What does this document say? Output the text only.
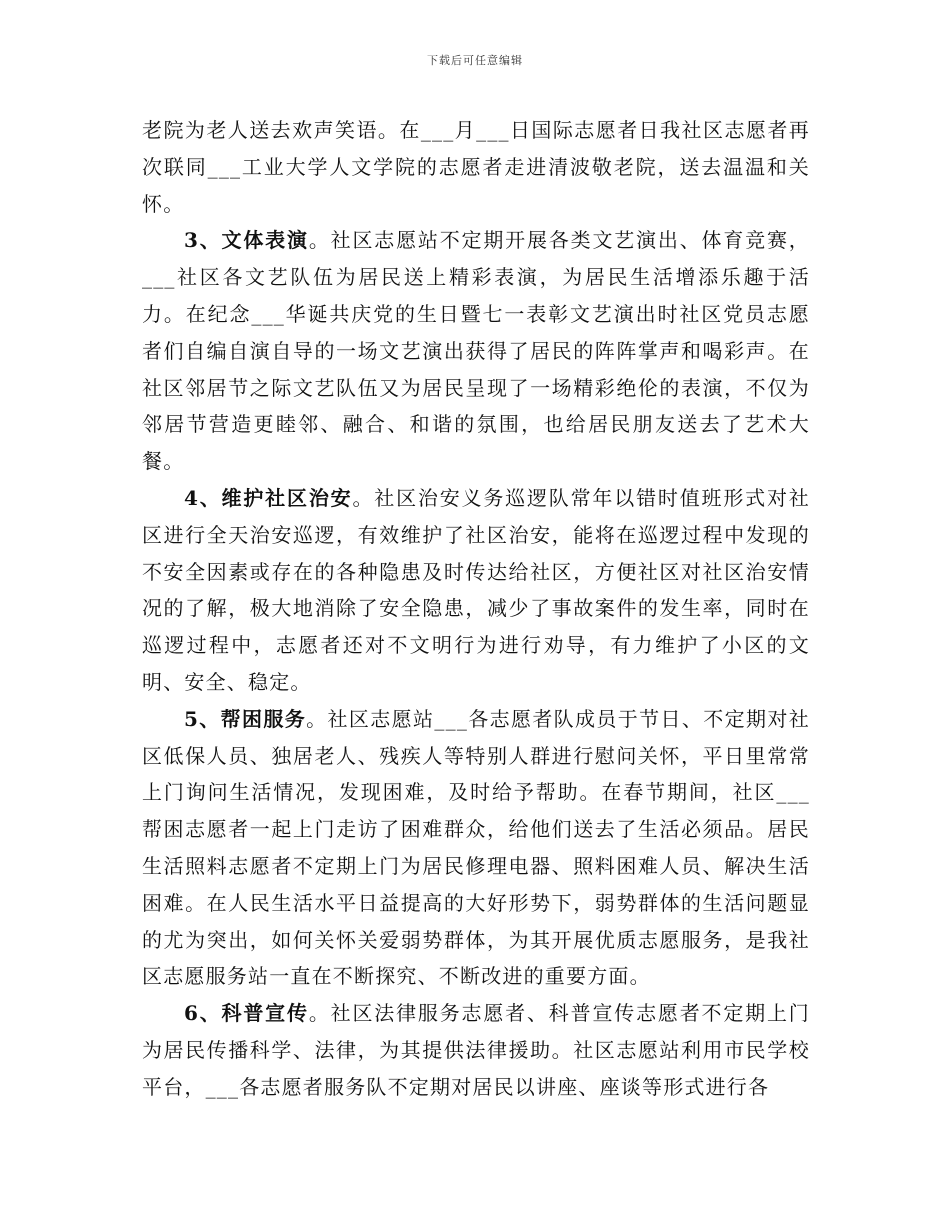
下载后可任意编辑

老院为老人送去欢声笑语。在___月___日国际志愿者日我社区志愿者再次联同___工业大学人文学院的志愿者走进清波敬老院，送去温温和关怀。

3、文体表演。社区志愿站不定期开展各类文艺演出、体育竞赛，___社区各文艺队伍为居民送上精彩表演，为居民生活增添乐趣于活力。在纪念___华诞共庆党的生日暨七一表彰文艺演出时社区党员志愿者们自编自演自导的一场文艺演出获得了居民的阵阵掌声和喝彩声。在社区邻居节之际文艺队伍又为居民呈现了一场精彩绝伦的表演，不仅为邻居节营造更睦邻、融合、和谐的氛围，也给居民朋友送去了艺术大餐。

4、维护社区治安。社区治安义务巡逻队常年以错时值班形式对社区进行全天治安巡逻，有效维护了社区治安，能将在巡逻过程中发现的不安全因素或存在的各种隐患及时传达给社区，方便社区对社区治安情况的了解，极大地消除了安全隐患，减少了事故案件的发生率，同时在巡逻过程中，志愿者还对不文明行为进行劝导，有力维护了小区的文明、安全、稳定。

5、帮困服务。社区志愿站___各志愿者队成员于节日、不定期对社区低保人员、独居老人、残疾人等特别人群进行慰问关怀，平日里常常上门询问生活情况，发现困难，及时给予帮助。在春节期间，社区___帮困志愿者一起上门走访了困难群众，给他们送去了生活必须品。居民生活照料志愿者不定期上门为居民修理电器、照料困难人员、解决生活困难。在人民生活水平日益提高的大好形势下，弱势群体的生活问题显的尤为突出，如何关怀关爱弱势群体，为其开展优质志愿服务，是我社区志愿服务站一直在不断探究、不断改进的重要方面。

6、科普宣传。社区法律服务志愿者、科普宣传志愿者不定期上门为居民传播科学、法律，为其提供法律援助。社区志愿站利用市民学校平台，___各志愿者服务队不定期对居民以讲座、座谈等形式进行各
